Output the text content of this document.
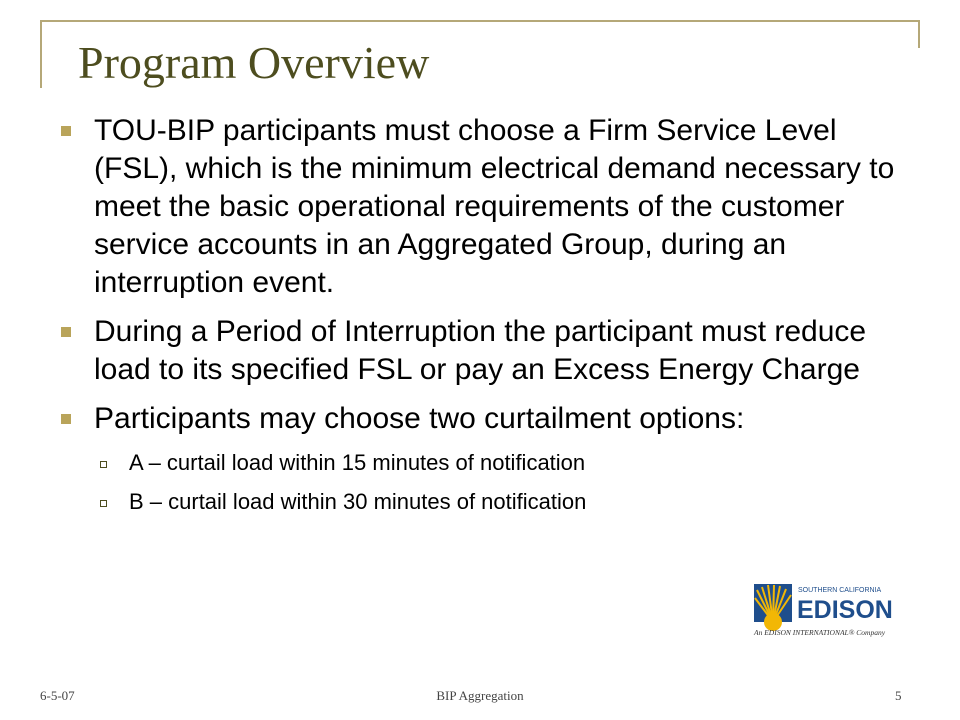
Program Overview
TOU-BIP participants must choose a Firm Service Level (FSL), which is the minimum electrical demand necessary to meet the basic operational requirements of the customer service accounts in an Aggregated Group, during an interruption event.
During a Period of Interruption the participant must reduce load to its specified FSL or pay an Excess Energy Charge
Participants may choose two curtailment options:
A – curtail load within 15 minutes of notification
B – curtail load within 30 minutes of notification
SOUTHERN CALIFORNIA
EDISON
An EDISON INTERNATIONAL® Company
6-5-07	BIP Aggregation	5
